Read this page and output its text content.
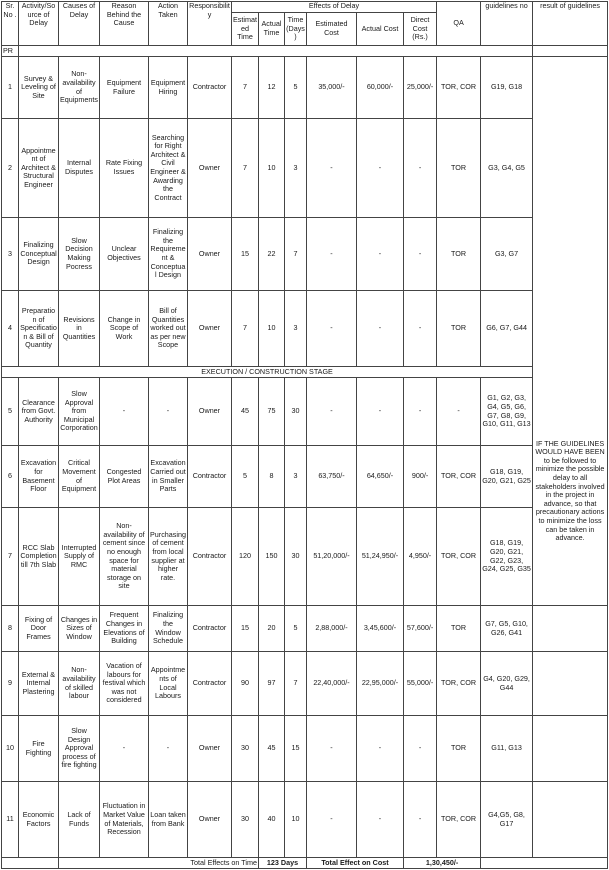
Sr. No .	Activity/Source of Delay	Causes of Delay	Reason Behind the Cause	Action Taken	Responsibility	Effects of Delay						QA	guidelines no	result of guidelines
						Estimated Time	Actual Time	Time (Days)	Estimated Cost	Actual Cost	Direct Cost (Rs.)			
PR														
1	Survey & Leveling of Site	Non-availability of Equipments	Equipment Failure	Equipment Hiring	Contractor	7	12	5	35,000/-	60,000/-	25,000/-	TOR, COR	G19, G18	
2	Appointment of Architect & Structural Engineer	Internal Disputes	Rate Fixing Issues	Searching for Right Architect & Civil Engineer & Awarding the Contract	Owner	7	10	3	-	-	-	TOR	G3, G4, G5	
3	Finalizing Conceptual Design	Slow Decision Making Pocress	Unclear Objectives	Finalizing the Requirement & Conceptual Design	Owner	15	22	7	-	-	-	TOR	G3, G7	
4	Preparation of Specification & Bill of Quantity	Revisions in Quantities	Change in Scope of Work	Bill of Quantities worked out as per new Scope	Owner	7	10	3	-	-	-	TOR	G6, G7, G44	
EXECUTION / CONSTRUCTION STAGE														
5	Clearance from Govt. Authority	Slow Approval from Municipal Corporation	-	-	Owner	45	75	30	-	-	-	-	G1, G2, G3, G4, G5, G6, G7, G8, G9, G10, G11, G13	IF THE GUIDELINES WOULD HAVE BEEN to be followed to minimize the possible delay to all stakeholders involved in the project in advance, so that precautionary actions to minimize the loss can be taken in advance.
6	Excavation for Basement Floor	Critical Movement of Equipment	Congested Plot Areas	Excavation Carried out in Smaller Parts	Contractor	5	8	3	63,750/-	64,650/-	900/-	TOR, COR	G18, G19, G20, G21, G25	
7	RCC Slab Completion till 7th Slab	Interrupted Supply of RMC	Non-availability of cement since no enough space for material storage on site	Purchasing of cement from local supplier at higher rate.	Contractor	120	150	30	51,20,000/-	51,24,950/-	4,950/-	TOR, COR	G18, G19, G20, G21, G22, G23, G24, G25, G35	
8	Fixing of Door Frames	Changes in Sizes of Window	Frequent Changes in Elevations of Building	Finalizing the Window Schedule	Contractor	15	20	5	2,88,000/-	3,45,600/-	57,600/-	TOR	G7, G5, G10, G26, G41	
9	External & Internal Plastering	Non-availability of skilled labour	Vacation of labours for festival which was not considered	Appointments of Local Labours	Contractor	90	97	7	22,40,000/-	22,95,000/-	55,000/-	TOR, COR	G4, G20, G29, G44	
10	Fire Fighting	Slow Design Approval process of fire fighting	-	-	Owner	30	45	15	-	-	-	TOR	G11, G13	
11	Economic Factors	Lack of Funds	Fluctuation in Market Value of Materials, Recession	Loan taken from Bank	Owner	30	40	10	-	-	-	TOR, COR	G4,G5, G8, G17	
		Total Effects on Time					123 Days		Total Effect on Cost		1,30,450/-			
